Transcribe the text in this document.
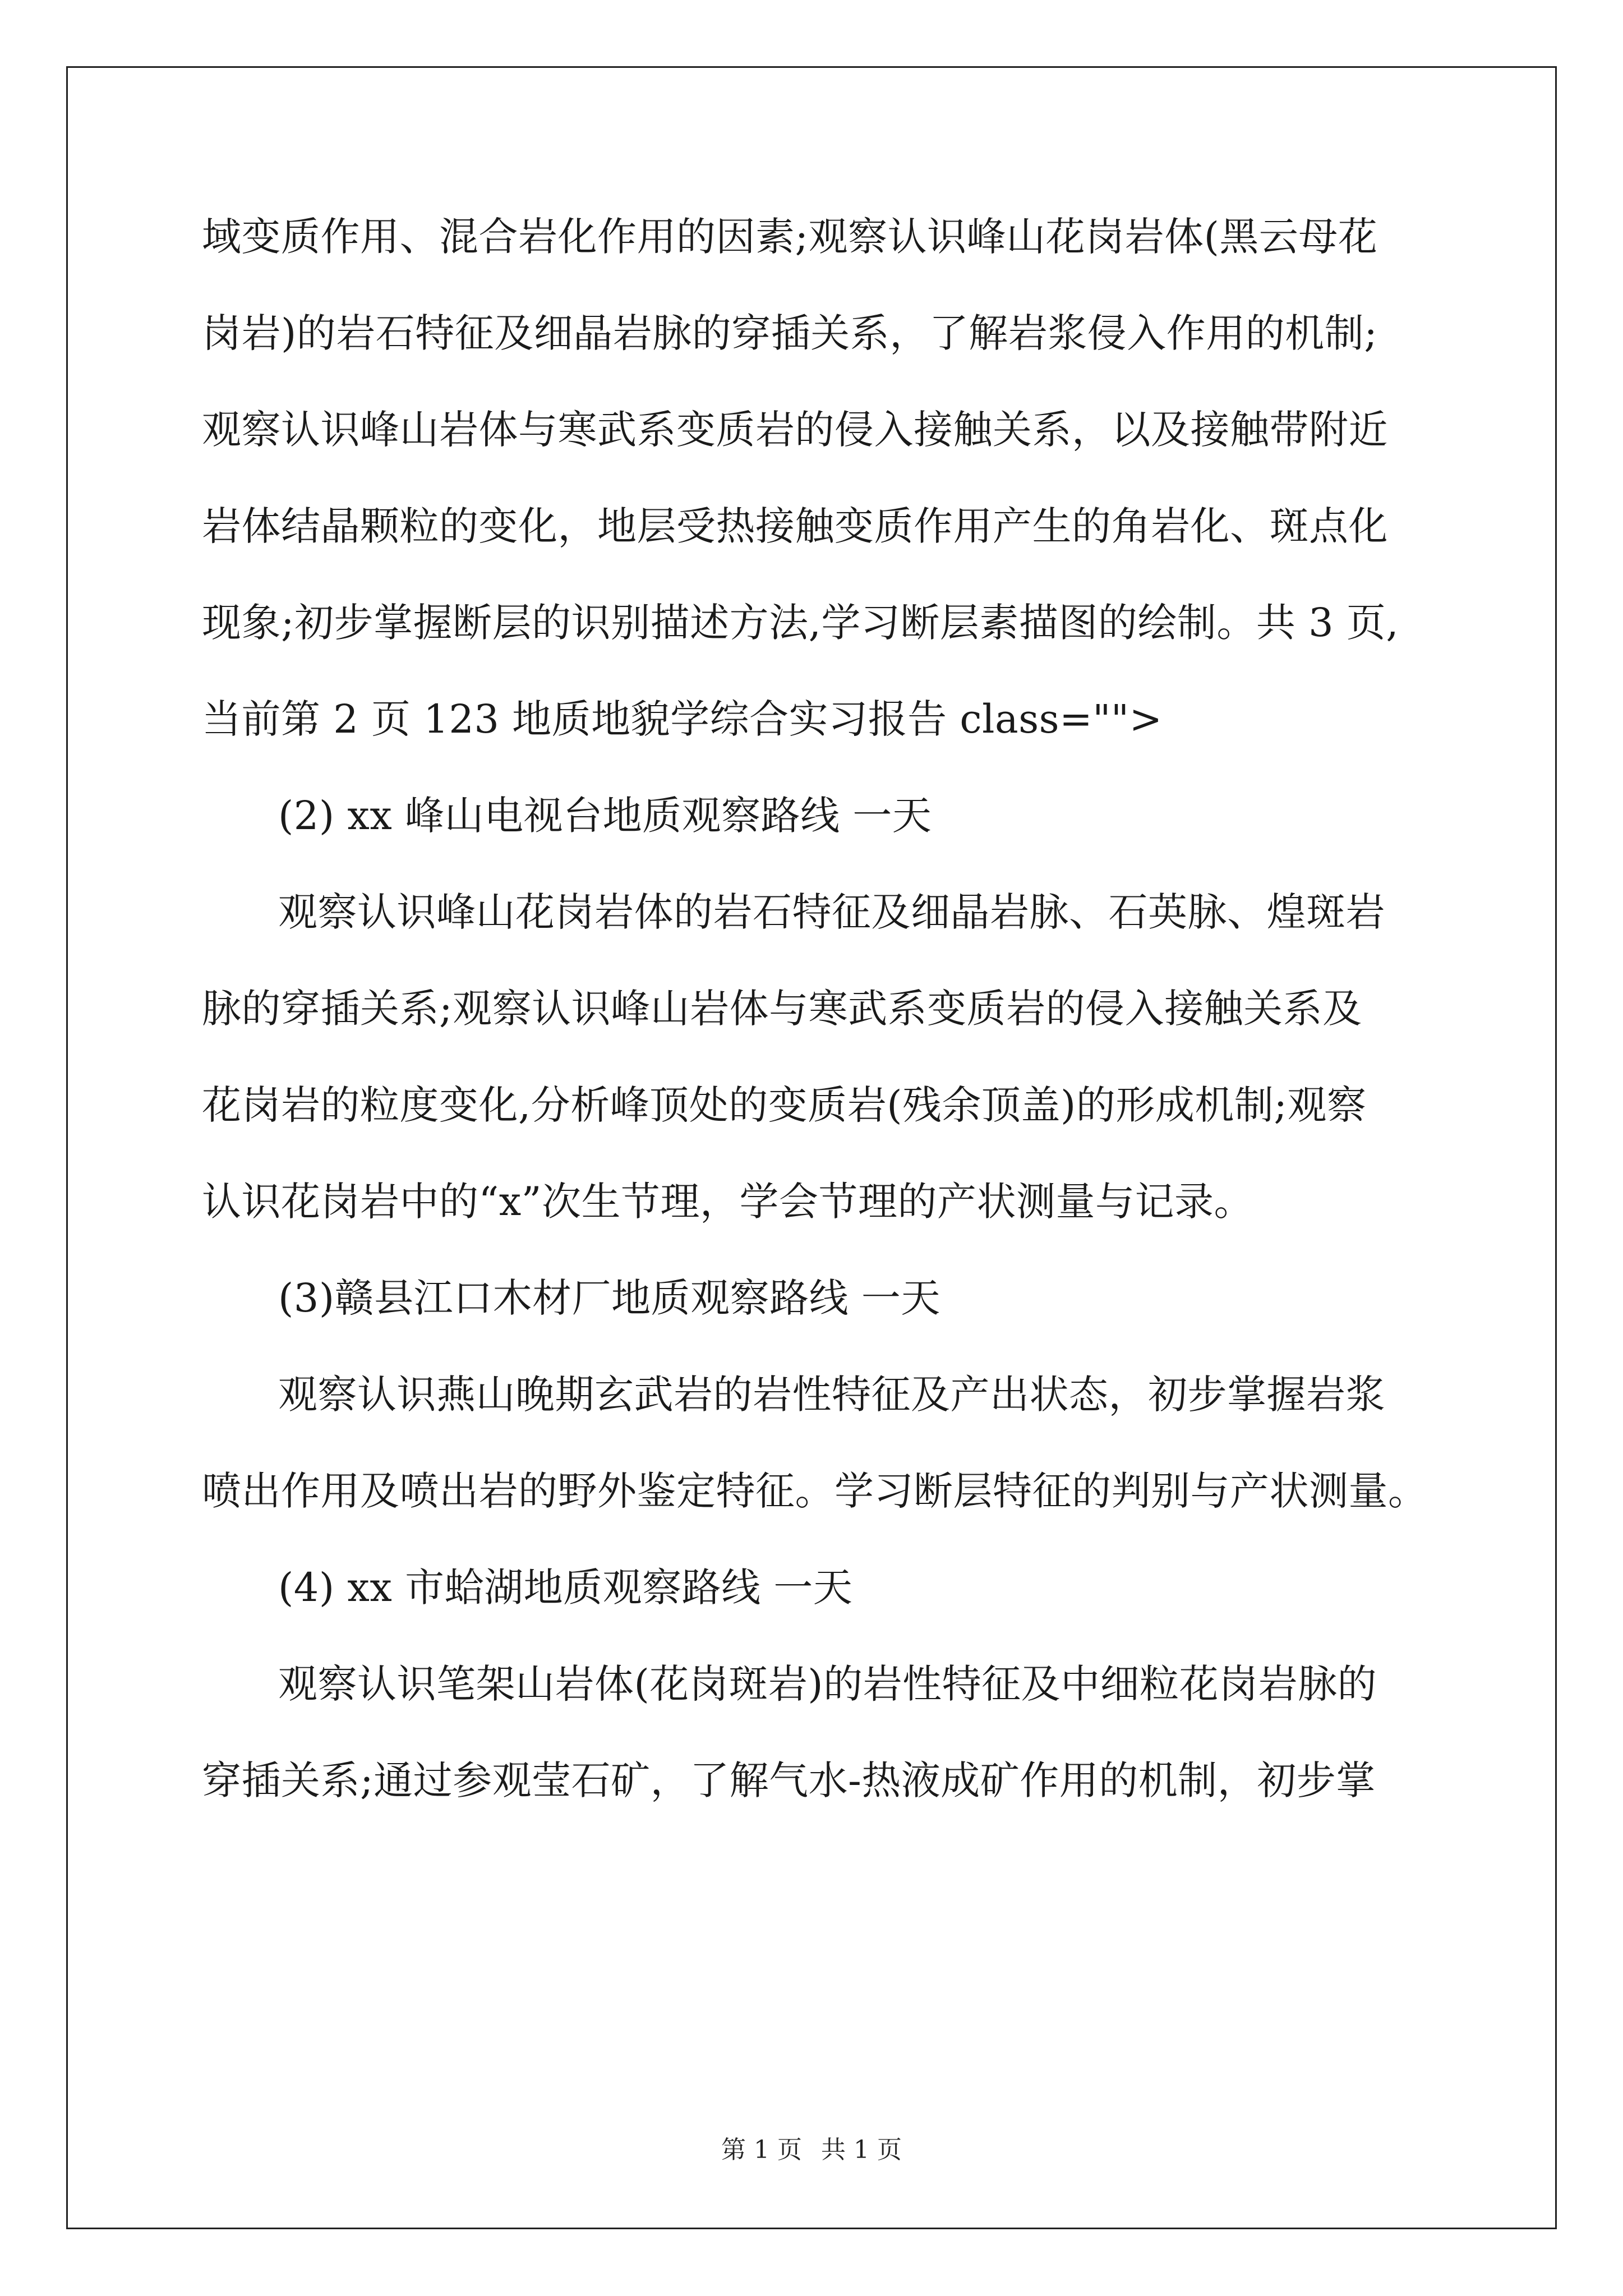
域变质作用、混合岩化作用的因素;观察认识峰山花岗岩体(黑云母花
岗岩)的岩石特征及细晶岩脉的穿插关系，了解岩浆侵入作用的机制;
观察认识峰山岩体与寒武系变质岩的侵入接触关系，以及接触带附近
岩体结晶颗粒的变化，地层受热接触变质作用产生的角岩化、斑点化
现象;初步掌握断层的识别描述方法,学习断层素描图的绘制。共 3 页,
当前第 2 页 123 地质地貌学综合实习报告 class="">
(2) xx 峰山电视台地质观察路线 一天
观察认识峰山花岗岩体的岩石特征及细晶岩脉、石英脉、煌斑岩
脉的穿插关系;观察认识峰山岩体与寒武系变质岩的侵入接触关系及
花岗岩的粒度变化,分析峰顶处的变质岩(残余顶盖)的形成机制;观察
认识花岗岩中的“x”次生节理，学会节理的产状测量与记录。
(3)赣县江口木材厂地质观察路线 一天
观察认识燕山晚期玄武岩的岩性特征及产出状态，初步掌握岩浆
喷出作用及喷出岩的野外鉴定特征。学习断层特征的判别与产状测量。
(4) xx 市蛤湖地质观察路线 一天
观察认识笔架山岩体(花岗斑岩)的岩性特征及中细粒花岗岩脉的
穿插关系;通过参观莹石矿，了解气水-热液成矿作用的机制，初步掌
第 1 页 共 1 页
